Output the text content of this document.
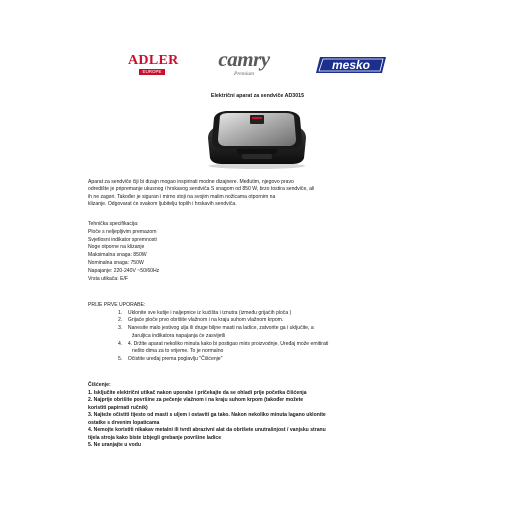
ADLER
EUROPE
camry
Premium
mesko
Električni aparat za sendviče AD3015
Aparat za sendviče čiji bi dizajn mogao inspirirati modne dizajnere. Međutim, njegovo pravo
odredište je pripremanje ukusnog i hrskavog sendviča S snagom od 850 W, brzo tostira sendviče, ali
ih ne zagori. Također je siguran i mirno stoji na svojim malim nožicama otpornim na
klizanje. Odgovarat će svakom ljubitelju toplih i hrskavih sendviča.
Tehnička specifikacija:
Ploče s neljepljivim premazom
Svjetlosni indikator spremnosti
Noge otporne na klizanje
Maksimalna snaga: 850W
Nominalna snaga: 750W
Napajanje: 220-240V ~50/60Hz
Vrsta utikača: E/F
PRIJE PRVE UPORABE:
1. Uklonite sve kutije i naljepnice iz kućišta i iznutra (između grijaćih ploča )
2. Grijaće ploče prvo obrišite vlažnom i na kraju suhom vlažnom krpom.
3. Nanesite malo jestivog ulja ili druge biljne masti na ladice, zatvorite ga i uključite, a
žaruljica indikatora napajanja će zasvijetli
4. 4. Držite aparat nekoliko minuta kako bi postigao miris proizvodnje. Uređaj može emitirati
nešto dima za to vrijeme. To je normalno
5. Očistite uređaj prema poglavlju "Čišćenje"
Čišćenje:
1. Isključite električni utikač nakon uporabe i pričekajte da se ohladi prije početka čišćenja
2. Najprije obrišite površine za pečenje vlažnom i na kraju suhom krpom (također možete
koristiti papirnati ručnik)
3. Najteže očistiti tijesto od masti s uljem i ostaviti ga tako. Nakon nekoliko minuta lagano uklonite
ostatke s drvenim lopaticama
4. Nemojte koristiti nikakav metalni ili tvrdi abrazivni alat da obrišete unutrašnjost / vanjsku stranu
tijela stroja kako biste izbjegli grebanje površine ladice
5. Ne uranjajte u vodu
